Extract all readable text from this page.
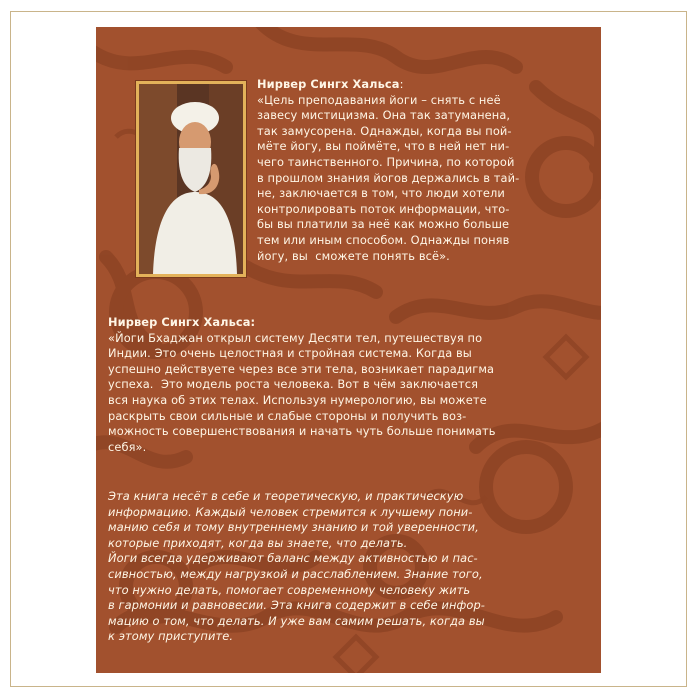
Нирвер Сингх Хальса:
«Цель преподавания йоги – снять с неё
завесу мистицизма. Она так затуманена,
так замусорена. Однажды, когда вы пой-
мёте йогу, вы поймёте, что в ней нет ни-
чего таинственного. Причина, по которой
в прошлом знания йогов держались в тай-
не, заключается в том, что люди хотели
контролировать поток информации, что-
бы вы платили за неё как можно больше
тем или иным способом. Однажды поняв
йогу, вы  сможете понять всё».
Нирвер Сингх Хальса:
«Йоги Бхаджан открыл систему Десяти тел, путешествуя по
Индии. Это очень целостная и стройная система. Когда вы
успешно действуете через все эти тела, возникает парадигма
успеха.  Это модель роста человека. Вот в чём заключается
вся наука об этих телах. Используя нумерологию, вы можете
раскрыть свои сильные и слабые стороны и получить воз-
можность совершенствования и начать чуть больше понимать
себя».
Эта книга несёт в себе и теоретическую, и практическую
информацию. Каждый человек стремится к лучшему пони-
манию себя и тому внутреннему знанию и той уверенности,
которые приходят, когда вы знаете, что делать.
Йоги всегда удерживают баланс между активностью и пас-
сивностью, между нагрузкой и расслаблением. Знание того,
что нужно делать, помогает современному человеку жить
в гармонии и равновесии. Эта книга содержит в себе инфор-
мацию о том, что делать. И уже вам самим решать, когда вы
к этому приступите.
